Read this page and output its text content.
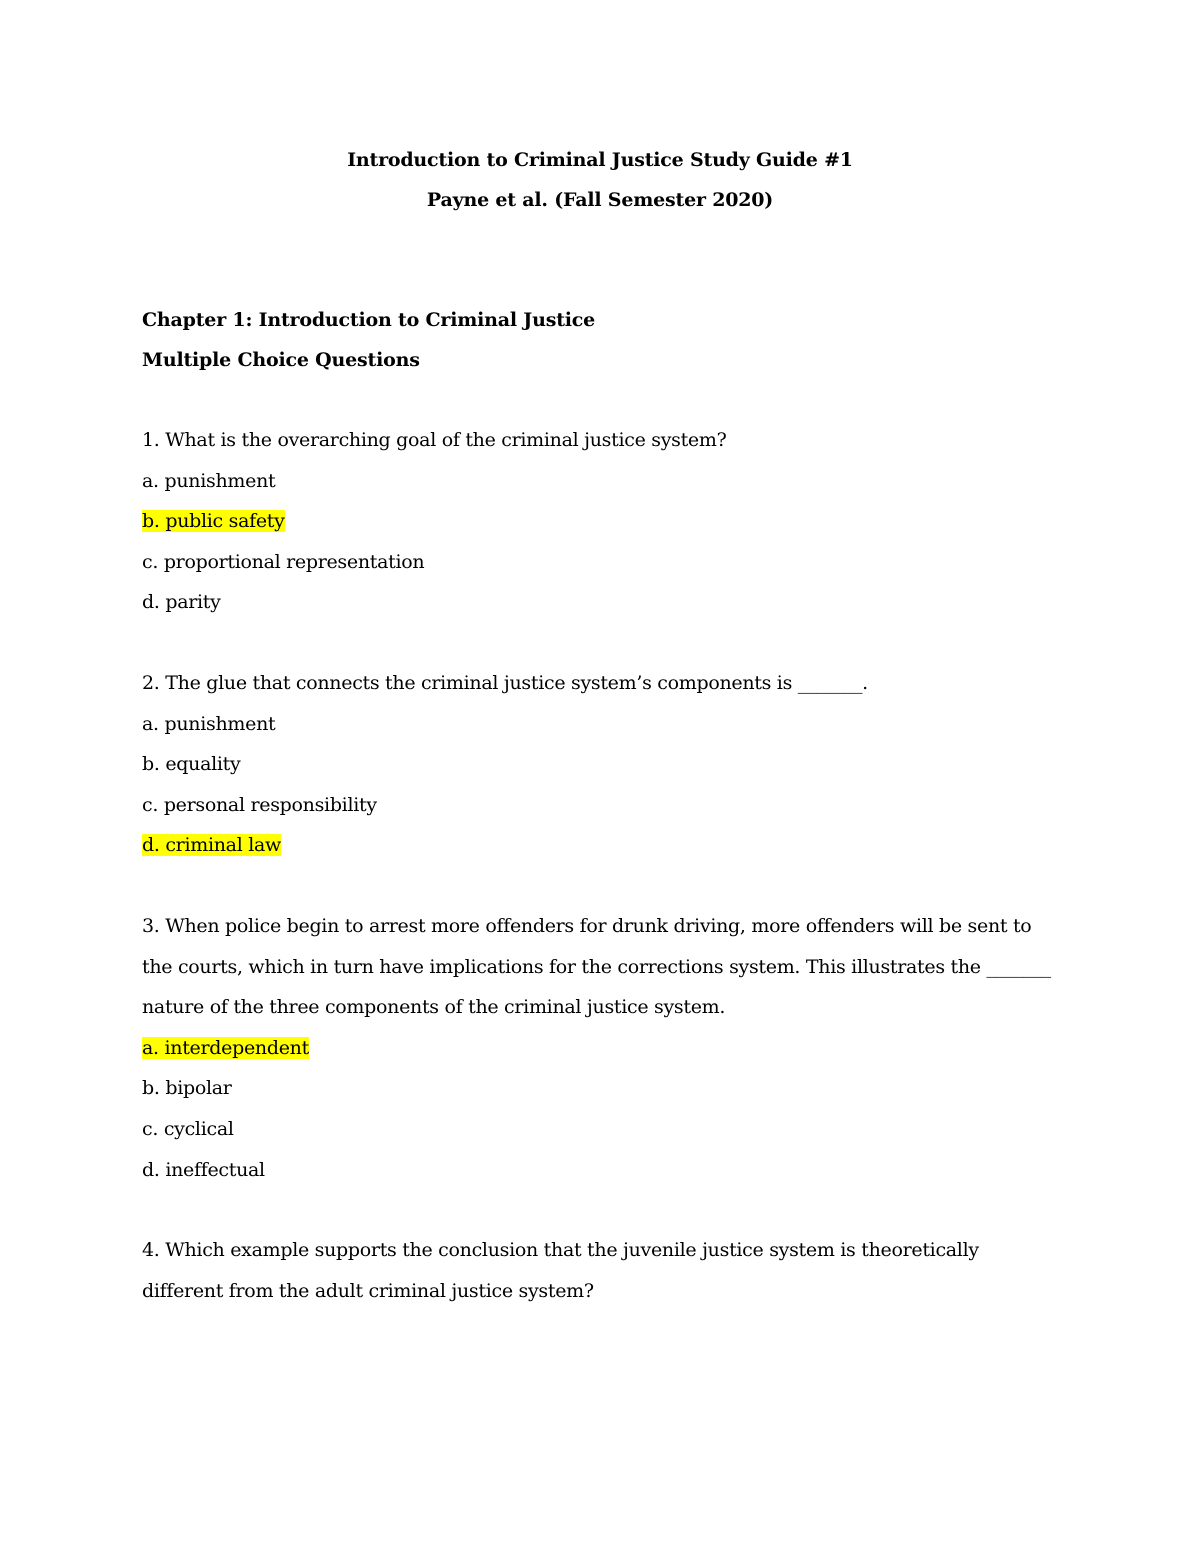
Introduction to Criminal Justice Study Guide #1
Payne et al. (Fall Semester 2020)
Chapter 1: Introduction to Criminal Justice
Multiple Choice Questions
1. What is the overarching goal of the criminal justice system?
a. punishment
b. public safety
c. proportional representation
d. parity
2. The glue that connects the criminal justice system’s components is _______.
a. punishment
b. equality
c. personal responsibility
d. criminal law
3. When police begin to arrest more offenders for drunk driving, more offenders will be sent to
the courts, which in turn have implications for the corrections system. This illustrates the _______
nature of the three components of the criminal justice system.
a. interdependent
b. bipolar
c. cyclical
d. ineffectual
4. Which example supports the conclusion that the juvenile justice system is theoretically
different from the adult criminal justice system?
